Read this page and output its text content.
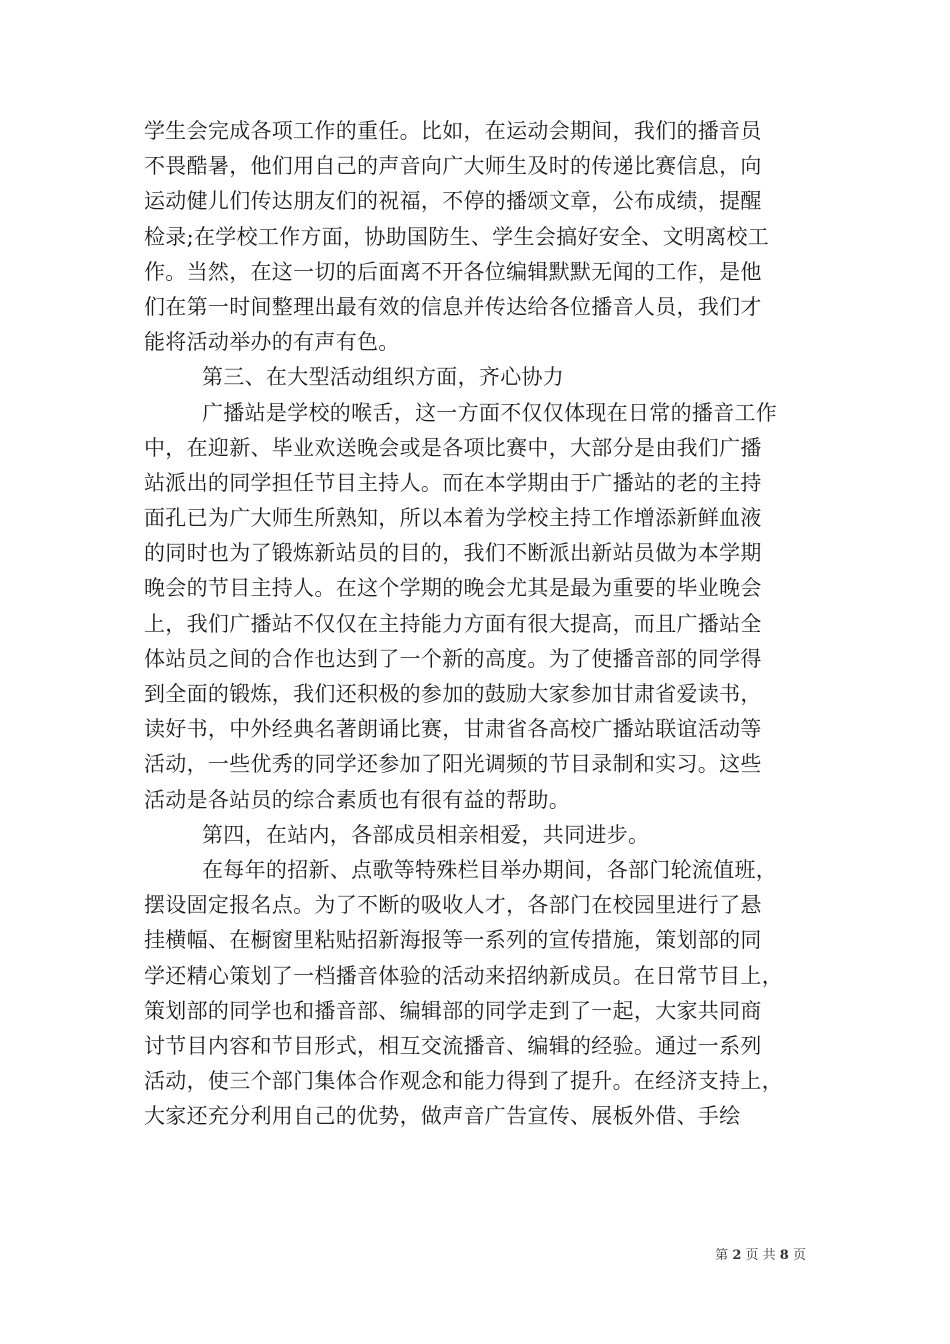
学生会完成各项工作的重任。比如，在运动会期间，我们的播音员
不畏酷暑，他们用自己的声音向广大师生及时的传递比赛信息，向
运动健儿们传达朋友们的祝福，不停的播颂文章，公布成绩，提醒
检录;在学校工作方面，协助国防生、学生会搞好安全、文明离校工
作。当然，在这一切的后面离不开各位编辑默默无闻的工作，是他
们在第一时间整理出最有效的信息并传达给各位播音人员，我们才
能将活动举办的有声有色。
第三、在大型活动组织方面，齐心协力
广播站是学校的喉舌，这一方面不仅仅体现在日常的播音工作
中，在迎新、毕业欢送晚会或是各项比赛中，大部分是由我们广播
站派出的同学担任节目主持人。而在本学期由于广播站的老的主持
面孔已为广大师生所熟知，所以本着为学校主持工作增添新鲜血液
的同时也为了锻炼新站员的目的，我们不断派出新站员做为本学期
晚会的节目主持人。在这个学期的晚会尤其是最为重要的毕业晚会
上，我们广播站不仅仅在主持能力方面有很大提高，而且广播站全
体站员之间的合作也达到了一个新的高度。为了使播音部的同学得
到全面的锻炼，我们还积极的参加的鼓励大家参加甘肃省爱读书，
读好书，中外经典名著朗诵比赛，甘肃省各高校广播站联谊活动等
活动，一些优秀的同学还参加了阳光调频的节目录制和实习。这些
活动是各站员的综合素质也有很有益的帮助。
第四，在站内，各部成员相亲相爱，共同进步。
在每年的招新、点歌等特殊栏目举办期间，各部门轮流值班，
摆设固定报名点。为了不断的吸收人才，各部门在校园里进行了悬
挂横幅、在橱窗里粘贴招新海报等一系列的宣传措施，策划部的同
学还精心策划了一档播音体验的活动来招纳新成员。在日常节目上，
策划部的同学也和播音部、编辑部的同学走到了一起，大家共同商
讨节目内容和节目形式，相互交流播音、编辑的经验。通过一系列
活动，使三个部门集体合作观念和能力得到了提升。在经济支持上，
大家还充分利用自己的优势，做声音广告宣传、展板外借、手绘
第 2 页 共 8 页
